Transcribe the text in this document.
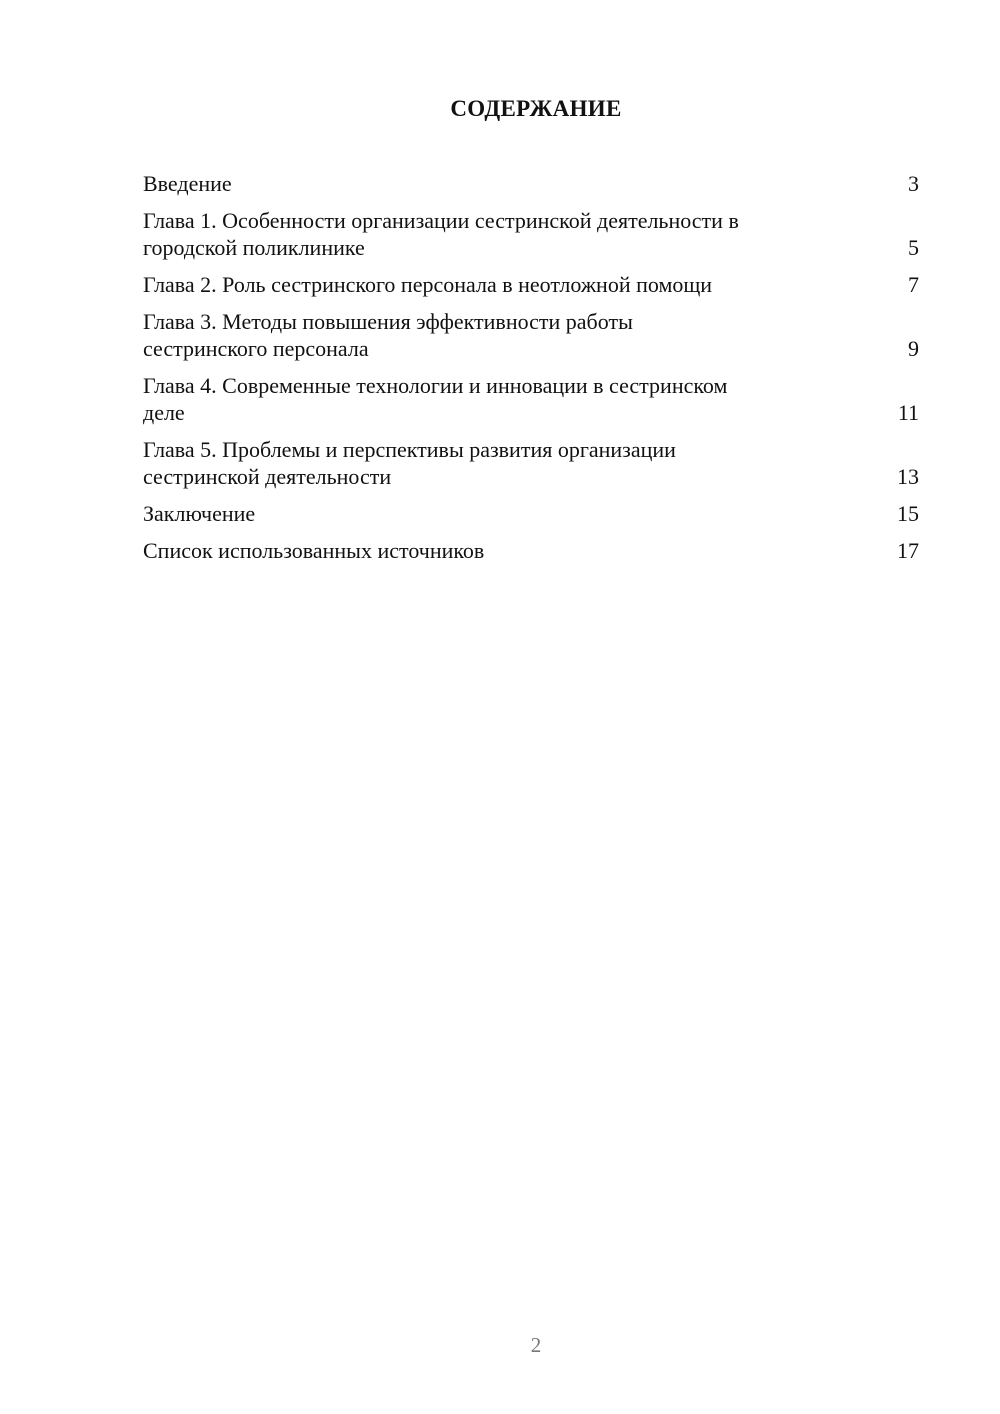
СОДЕРЖАНИЕ
Введение	3
Глава 1. Особенности организации сестринской деятельности в
городской поликлинике	5
Глава 2. Роль сестринского персонала в неотложной помощи	7
Глава 3. Методы повышения эффективности работы
сестринского персонала	9
Глава 4. Современные технологии и инновации в сестринском
деле	11
Глава 5. Проблемы и перспективы развития организации
сестринской деятельности	13
Заключение	15
Список использованных источников	17
2
